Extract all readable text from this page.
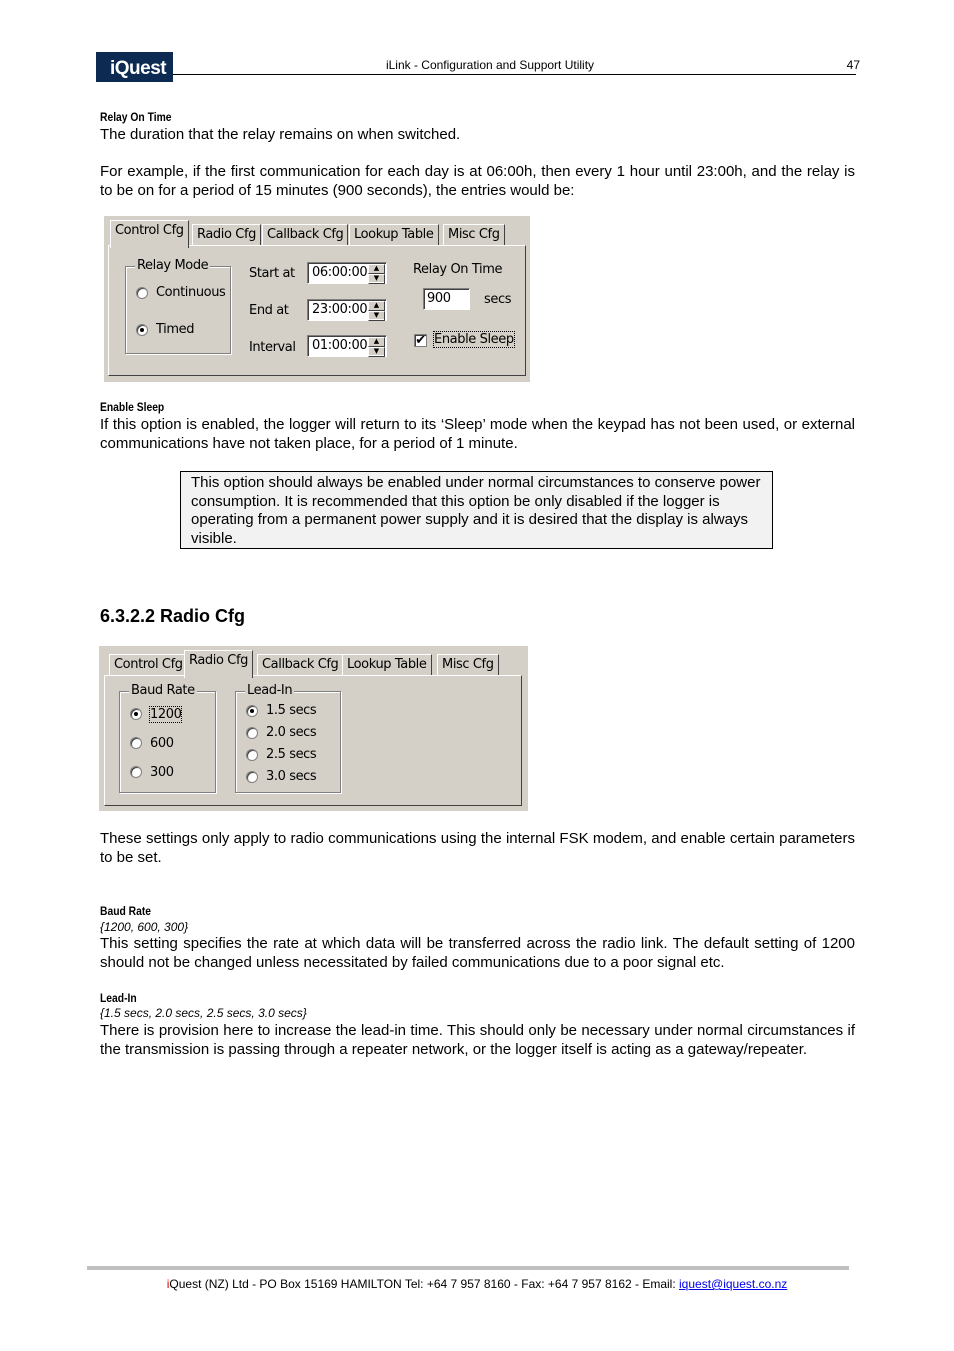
iQuest	iLink - Configuration and Support Utility	47
Relay On Time
The duration that the relay remains on when switched.
For example, if the first communication for each day is at 06:00h, then every 1 hour until 23:00h, and the relay is to be on for a period of 15 minutes (900 seconds), the entries would be:
Control Cfg	Radio Cfg Callback Cfg Lookup Table	Misc Cfg
Relay Mode
Continuous
Timed
Start at 06:00:00 ▲
▼
End at 23:00:00 ▲
▼
Interval 01:00:00 ▲
▼
Relay On Time
900	secs
✔ Enable Sleep
Enable Sleep
If this option is enabled, the logger will return to its ‘Sleep’ mode when the keypad has not been used, or external communications have not taken place, for a period of 1 minute.
This option should always be enabled under normal circumstances to conserve power consumption. It is recommended that this option be only disabled if the logger is operating from a permanent power supply and it is desired that the display is always visible.
6.3.2.2 Radio Cfg
Control Cfg Radio Cfg	Callback Cfg Lookup Table	Misc Cfg
Baud Rate
1200
600
300
Lead-In
1.5 secs
2.0 secs
2.5 secs
3.0 secs
These settings only apply to radio communications using the internal FSK modem, and enable certain parameters to be set.
Baud Rate
{1200, 600, 300}
This setting specifies the rate at which data will be transferred across the radio link. The default setting of 1200 should not be changed unless necessitated by failed communications due to a poor signal etc.
Lead-In
{1.5 secs, 2.0 secs, 2.5 secs, 3.0 secs}
There is provision here to increase the lead-in time. This should only be necessary under normal circumstances if the transmission is passing through a repeater network, or the logger itself is acting as a gateway/repeater.
iQuest (NZ) Ltd - PO Box 15169 HAMILTON Tel: +64 7 957 8160 - Fax: +64 7 957 8162 - Email: iquest@iquest.co.nz
